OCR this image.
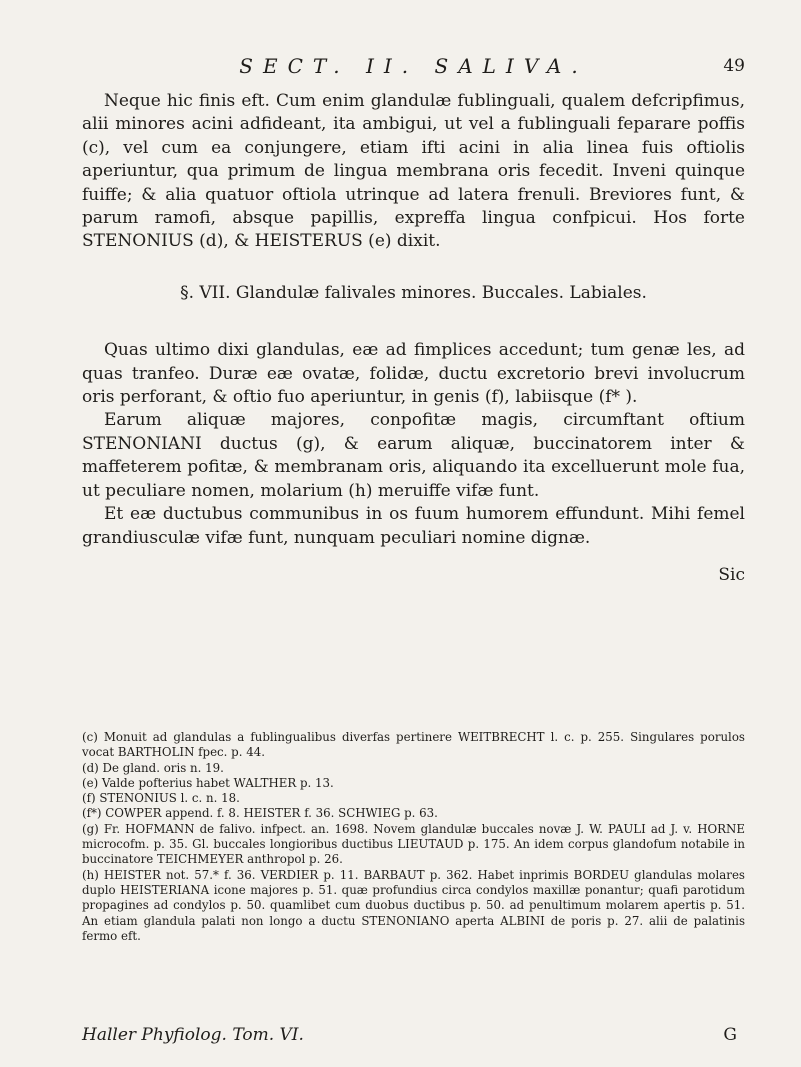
SECT. II. SALIVA.	49

Neque hic finis eft. Cum enim glandulæ fublinguali, qualem defcripfimus, alii minores acini adfideant, ita ambigui, ut vel a fublinguali feparare poffis (c), vel cum ea conjungere, etiam ifti acini in alia linea fuis oftiolis aperiuntur, qua primum de lingua membrana oris fecedit. Inveni quinque fuiffe; & alia quatuor oftiola utrinque ad latera frenuli. Breviores funt, & parum ramofi, absque papillis, expreffa lingua confpicui. Hos forte STENONIUS (d), & HEISTERUS (e) dixit.

§. VII. Glandulæ falivales minores. Buccales. Labiales.

Quas ultimo dixi glandulas, eæ ad fimplices accedunt; tum genæ les, ad quas tranfeo. Duræ eæ ovatæ, folidæ, ductu excretorio brevi involucrum oris perforant, & oftio fuo aperiuntur, in genis (f), labiisque (f* ).

Earum aliquæ majores, conpofitæ magis, circumftant oftium STENONIANI ductus (g), & earum aliquæ, buccinatorem inter & maffeterem pofitæ, & membranam oris, aliquando ita excelluerunt mole fua, ut peculiare nomen, molarium (h) meruiffe vifæ funt.

Et eæ ductubus communibus in os fuum humorem effundunt. Mihi femel grandiusculæ vifæ funt, nunquam peculiari nomine dignæ.

Sic

(c) Monuit ad glandulas a fublingualibus diverfas pertinere WEITBRECHT l. c. p. 255. Singulares porulos vocat BARTHOLIN fpec. p. 44.

(d) De gland. oris n. 19.

(e) Valde pofterius habet WALTHER p. 13.

(f) STENONIUS l. c. n. 18.

(f*) COWPER append. f. 8. HEISTER f. 36. SCHWIEG p. 63.

(g) Fr. HOFMANN de falivo. infpect. an. 1698. Novem glandulæ buccales novæ J. W. PAULI ad J. v. HORNE microcofm. p. 35. Gl. buccales longioribus ductibus LIEUTAUD p. 175. An idem corpus glandofum notabile in buccinatore TEICHMEYER anthropol p. 26.

(h) HEISTER not. 57.* f. 36. VERDIER p. 11. BARBAUT p. 362. Habet inprimis BORDEU glandulas molares duplo HEISTERIANA icone majores p. 51. quæ profundius circa condylos maxillæ ponantur; quafi parotidum propagines ad condylos p. 50. quamlibet cum duobus ductibus p. 50. ad penultimum molarem apertis p. 51. An etiam glandula palati non longo a ductu STENONIANO aperta ALBINI de poris p. 27. alii de palatinis fermo eft.

Haller Phyfiolog. Tom. VI.	G
